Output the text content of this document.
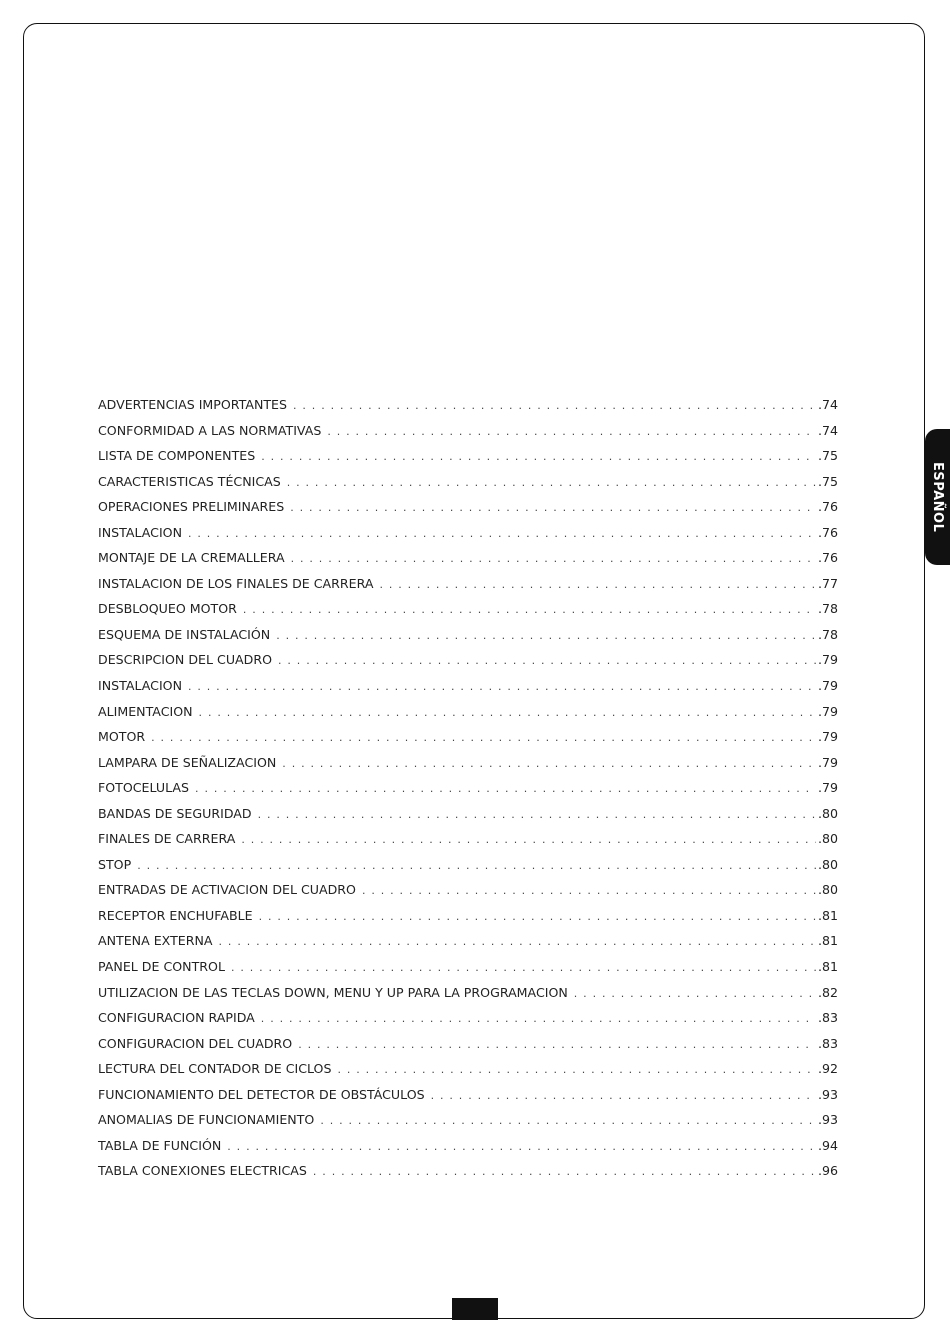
ESPAÑOL
ADVERTENCIAS IMPORTANTES . . .	.74
CONFORMIDAD A LAS NORMATIVAS . . .	.74
LISTA DE COMPONENTES . . .	.75
CARACTERISTICAS TÉCNICAS . . .	.75
OPERACIONES PRELIMINARES . . .	.76
INSTALACION . . .	.76
MONTAJE DE LA CREMALLERA . . .	.76
INSTALACION DE LOS FINALES DE CARRERA . . .	.77
DESBLOQUEO MOTOR . . .	.78
ESQUEMA DE INSTALACIÓN . . .	.78
DESCRIPCION DEL CUADRO . . .	.79
INSTALACION . . .	.79
ALIMENTACION . . .	.79
MOTOR . . .	.79
LAMPARA DE SEÑALIZACION . . .	.79
FOTOCELULAS . . .	.79
BANDAS DE SEGURIDAD . . .	.80
FINALES DE CARRERA . . .	.80
STOP . . .	.80
ENTRADAS DE ACTIVACION DEL CUADRO . . .	.80
RECEPTOR ENCHUFABLE . . .	.81
ANTENA EXTERNA . . .	.81
PANEL DE CONTROL . . .	.81
UTILIZACION DE LAS TECLAS DOWN, MENU Y UP PARA LA PROGRAMACION . . .	.82
CONFIGURACION RAPIDA . . .	.83
CONFIGURACION DEL CUADRO . . .	.83
LECTURA DEL CONTADOR DE CICLOS . . .	.92
FUNCIONAMIENTO DEL DETECTOR DE OBSTÁCULOS . . .	.93
ANOMALIAS DE FUNCIONAMIENTO . . .	.93
TABLA DE FUNCIÓN . . .	.94
TABLA CONEXIONES ELECTRICAS . . .	.96
